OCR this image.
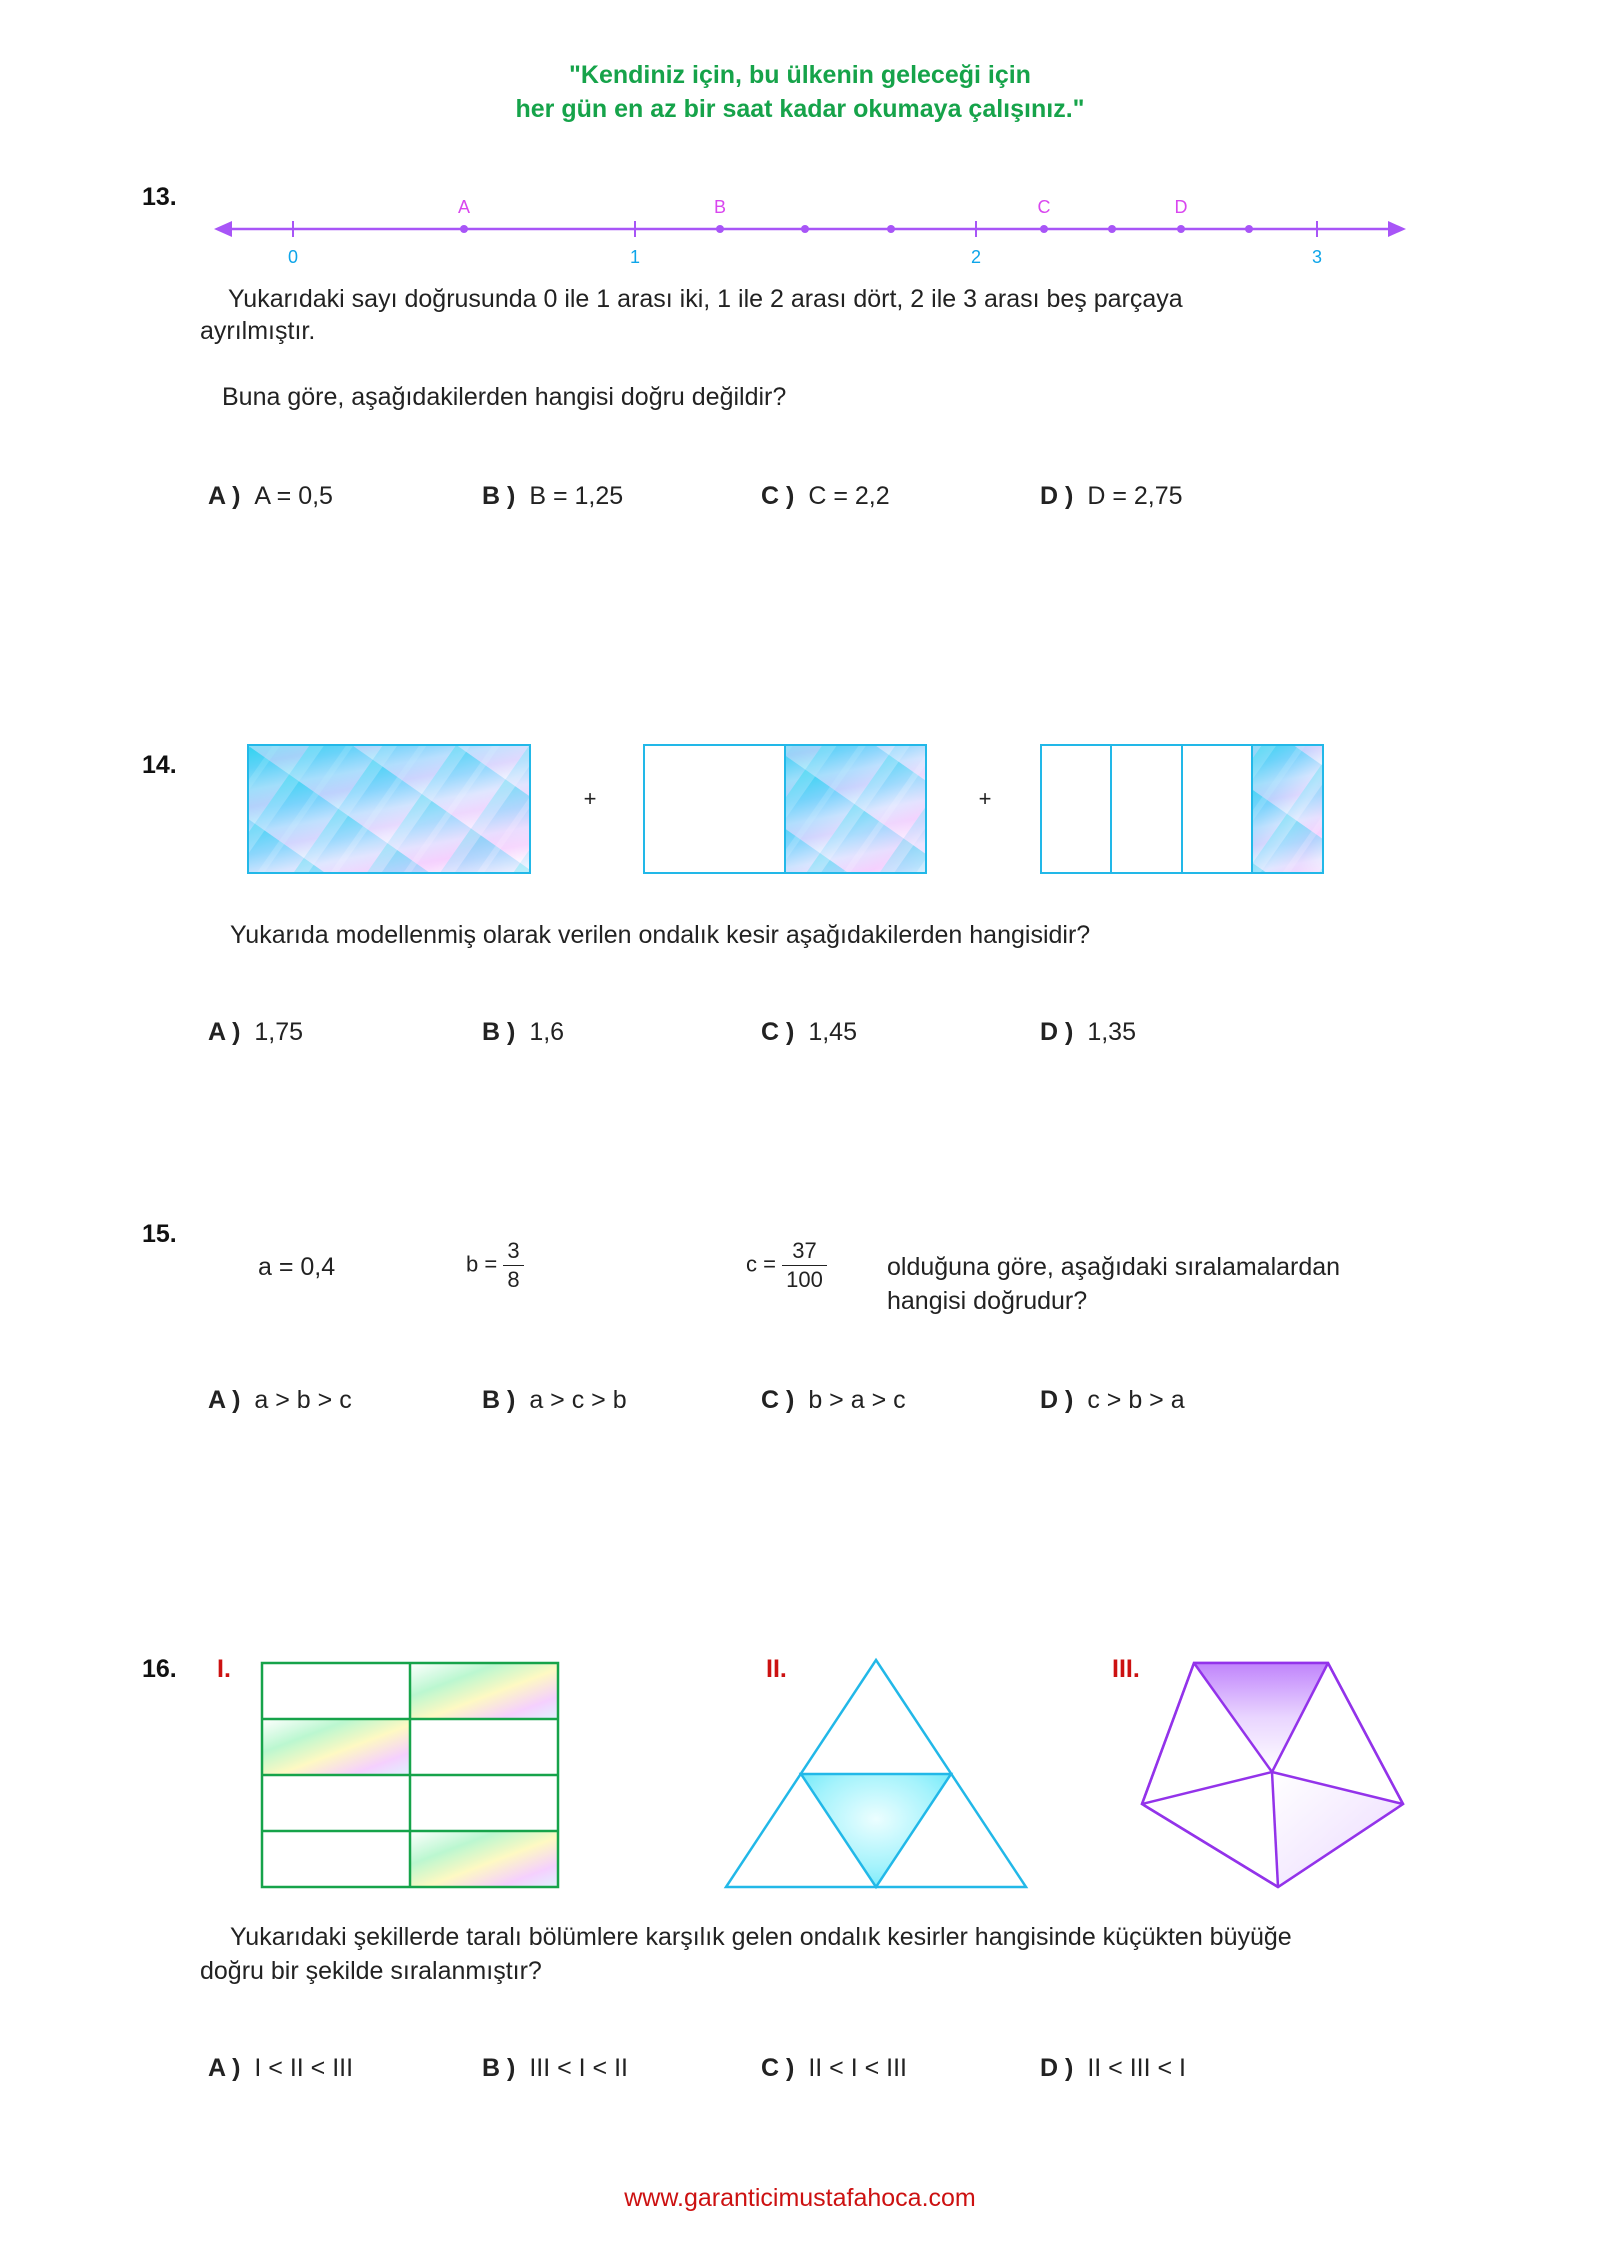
"Kendiniz için, bu ülkenin geleceği için
her gün en az bir saat kadar okumaya çalışınız."
13.	A	B	C	D
0	1	2	3
Yukarıdaki sayı doğrusunda 0 ile 1 arası iki, 1 ile 2 arası dört, 2 ile 3 arası beş parçaya
ayrılmıştır.
Buna göre, aşağıdakilerden hangisi doğru değildir?
A ) A = 0,5	B ) B = 1,25	C ) C = 2,2	D ) D = 2,75
14.
+	+
Yukarıda modellenmiş olarak verilen ondalık kesir aşağıdakilerden hangisidir?
A ) 1,75	B ) 1,6	C ) 1,45	D ) 1,35
15.
a = 0,4	$b = \frac{3}{8}$	$c = \frac{37}{100}$ olduğuna göre, aşağıdaki sıralamalardan
hangisi doğrudur?
A ) a > b > c	B ) a > c > b	C ) b > a > c	D ) c > b > a
16. I.	II.	III.
Yukarıdaki şekillerde taralı bölümlere karşılık gelen ondalık kesirler hangisinde küçükten büyüğe
doğru bir şekilde sıralanmıştır?
A ) I < II < III	B ) III < I < II	C ) II < I < III	D ) II < III < I
www.garanticimustafahoca.com
